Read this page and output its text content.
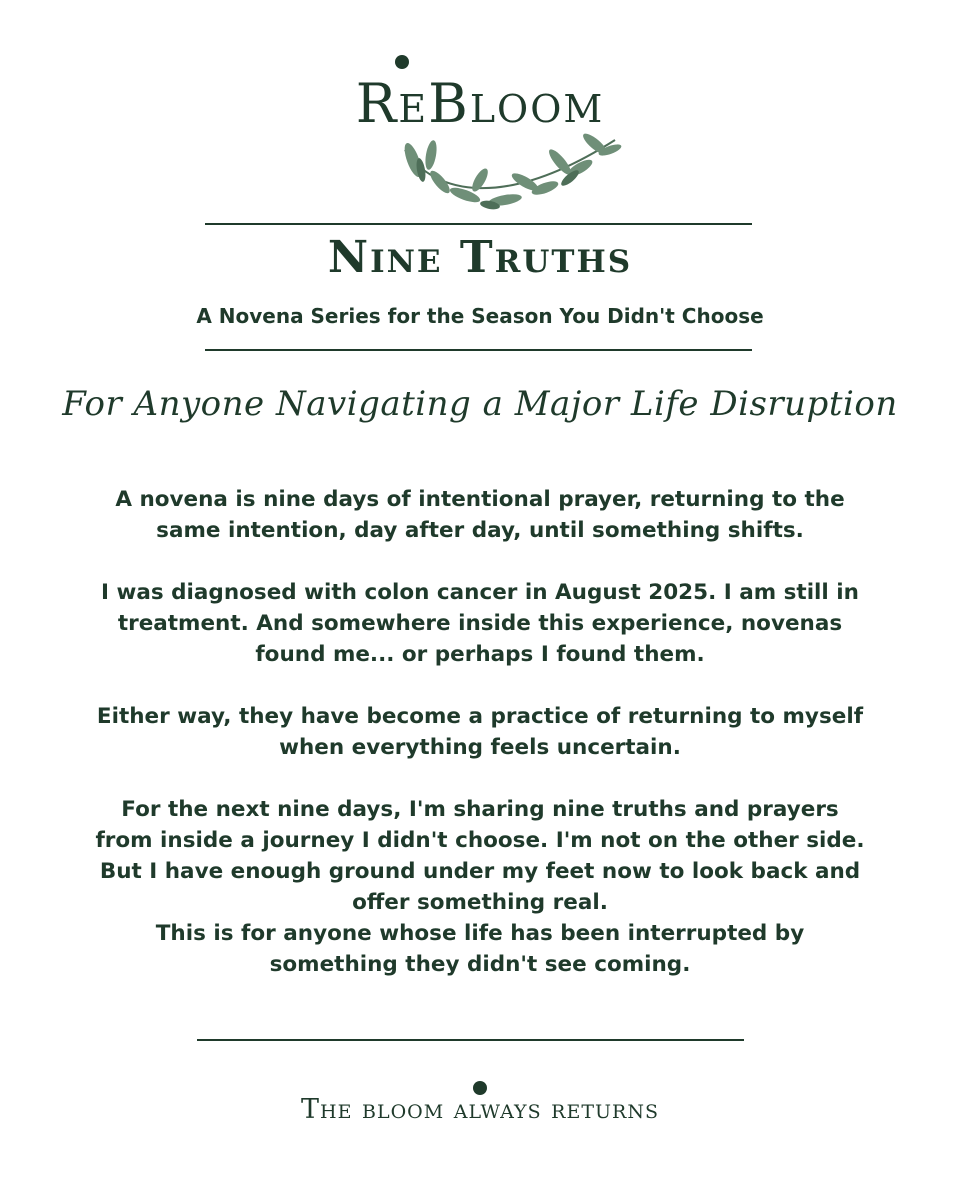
ReBloom
Nine Truths
A Novena Series for the Season You Didn't Choose
For Anyone Navigating a Major Life Disruption

A novena is nine days of intentional prayer, returning to the same intention, day after day, until something shifts.

I was diagnosed with colon cancer in August 2025. I am still in treatment. And somewhere inside this experience, novenas found me... or perhaps I found them.

Either way, they have become a practice of returning to myself when everything feels uncertain.

For the next nine days, I'm sharing nine truths and prayers from inside a journey I didn't choose. I'm not on the other side. But I have enough ground under my feet now to look back and offer something real.

This is for anyone whose life has been interrupted by something they didn't see coming.

The bloom always returns
